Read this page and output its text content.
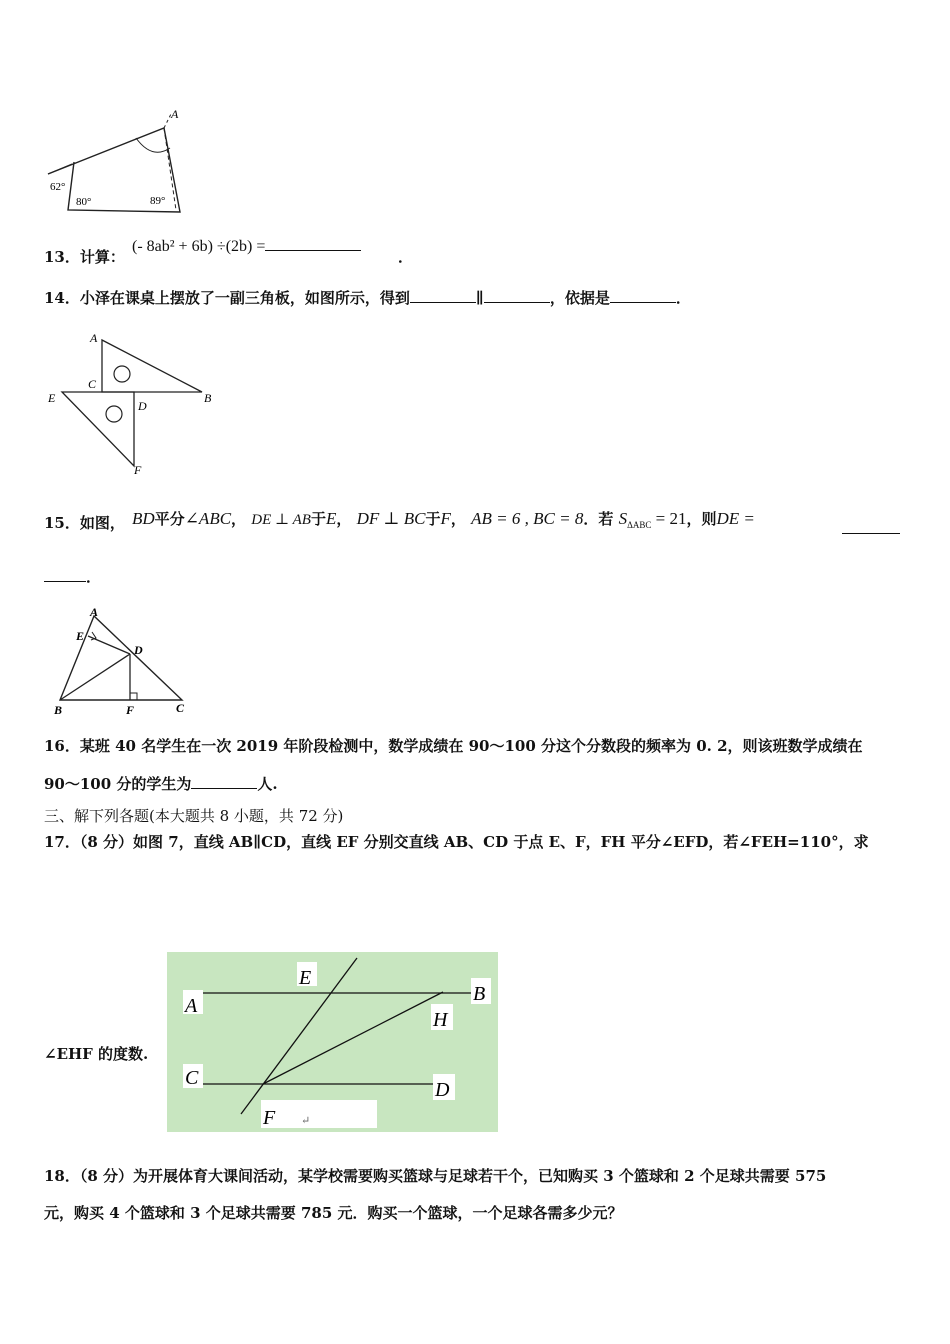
A
62°
80°	89°
13．计算：
(- 8ab² + 6b) ÷(2b) =
．
14．小泽在课桌上摆放了一副三角板，如图所示，得到	∥	，依据是	．
A
C
B
E
D
F
15．如图， BD平分∠ABC， DE ⊥ AB于E， DF ⊥ BC于F， AB = 6 , BC = 8．若 $S_{\Delta ABC} = 21$，则DE =
．
A
E
D
B	F	C
16．某班 40 名学生在一次 2019 年阶段检测中，数学成绩在 90～100 分这个分数段的频率为 0. 2，则该班数学成绩在
90～100 分的学生为	人.
三、解下列各题(本大题共 8 小题，共 72 分)
17．（8 分）如图 7，直线 AB∥CD，直线 EF 分别交直线 AB、CD 于点 E、F，FH 平分∠EFD，若∠FEH=110°，求
∠EHF 的度数.
E
A
B
H
C
D
F ↵
18．（8 分）为开展体育大课间活动，某学校需要购买篮球与足球若干个，已知购买 3 个篮球和 2 个足球共需要 575
元，购买 4 个篮球和 3 个足球共需要 785 元．购买一个篮球，一个足球各需多少元？
